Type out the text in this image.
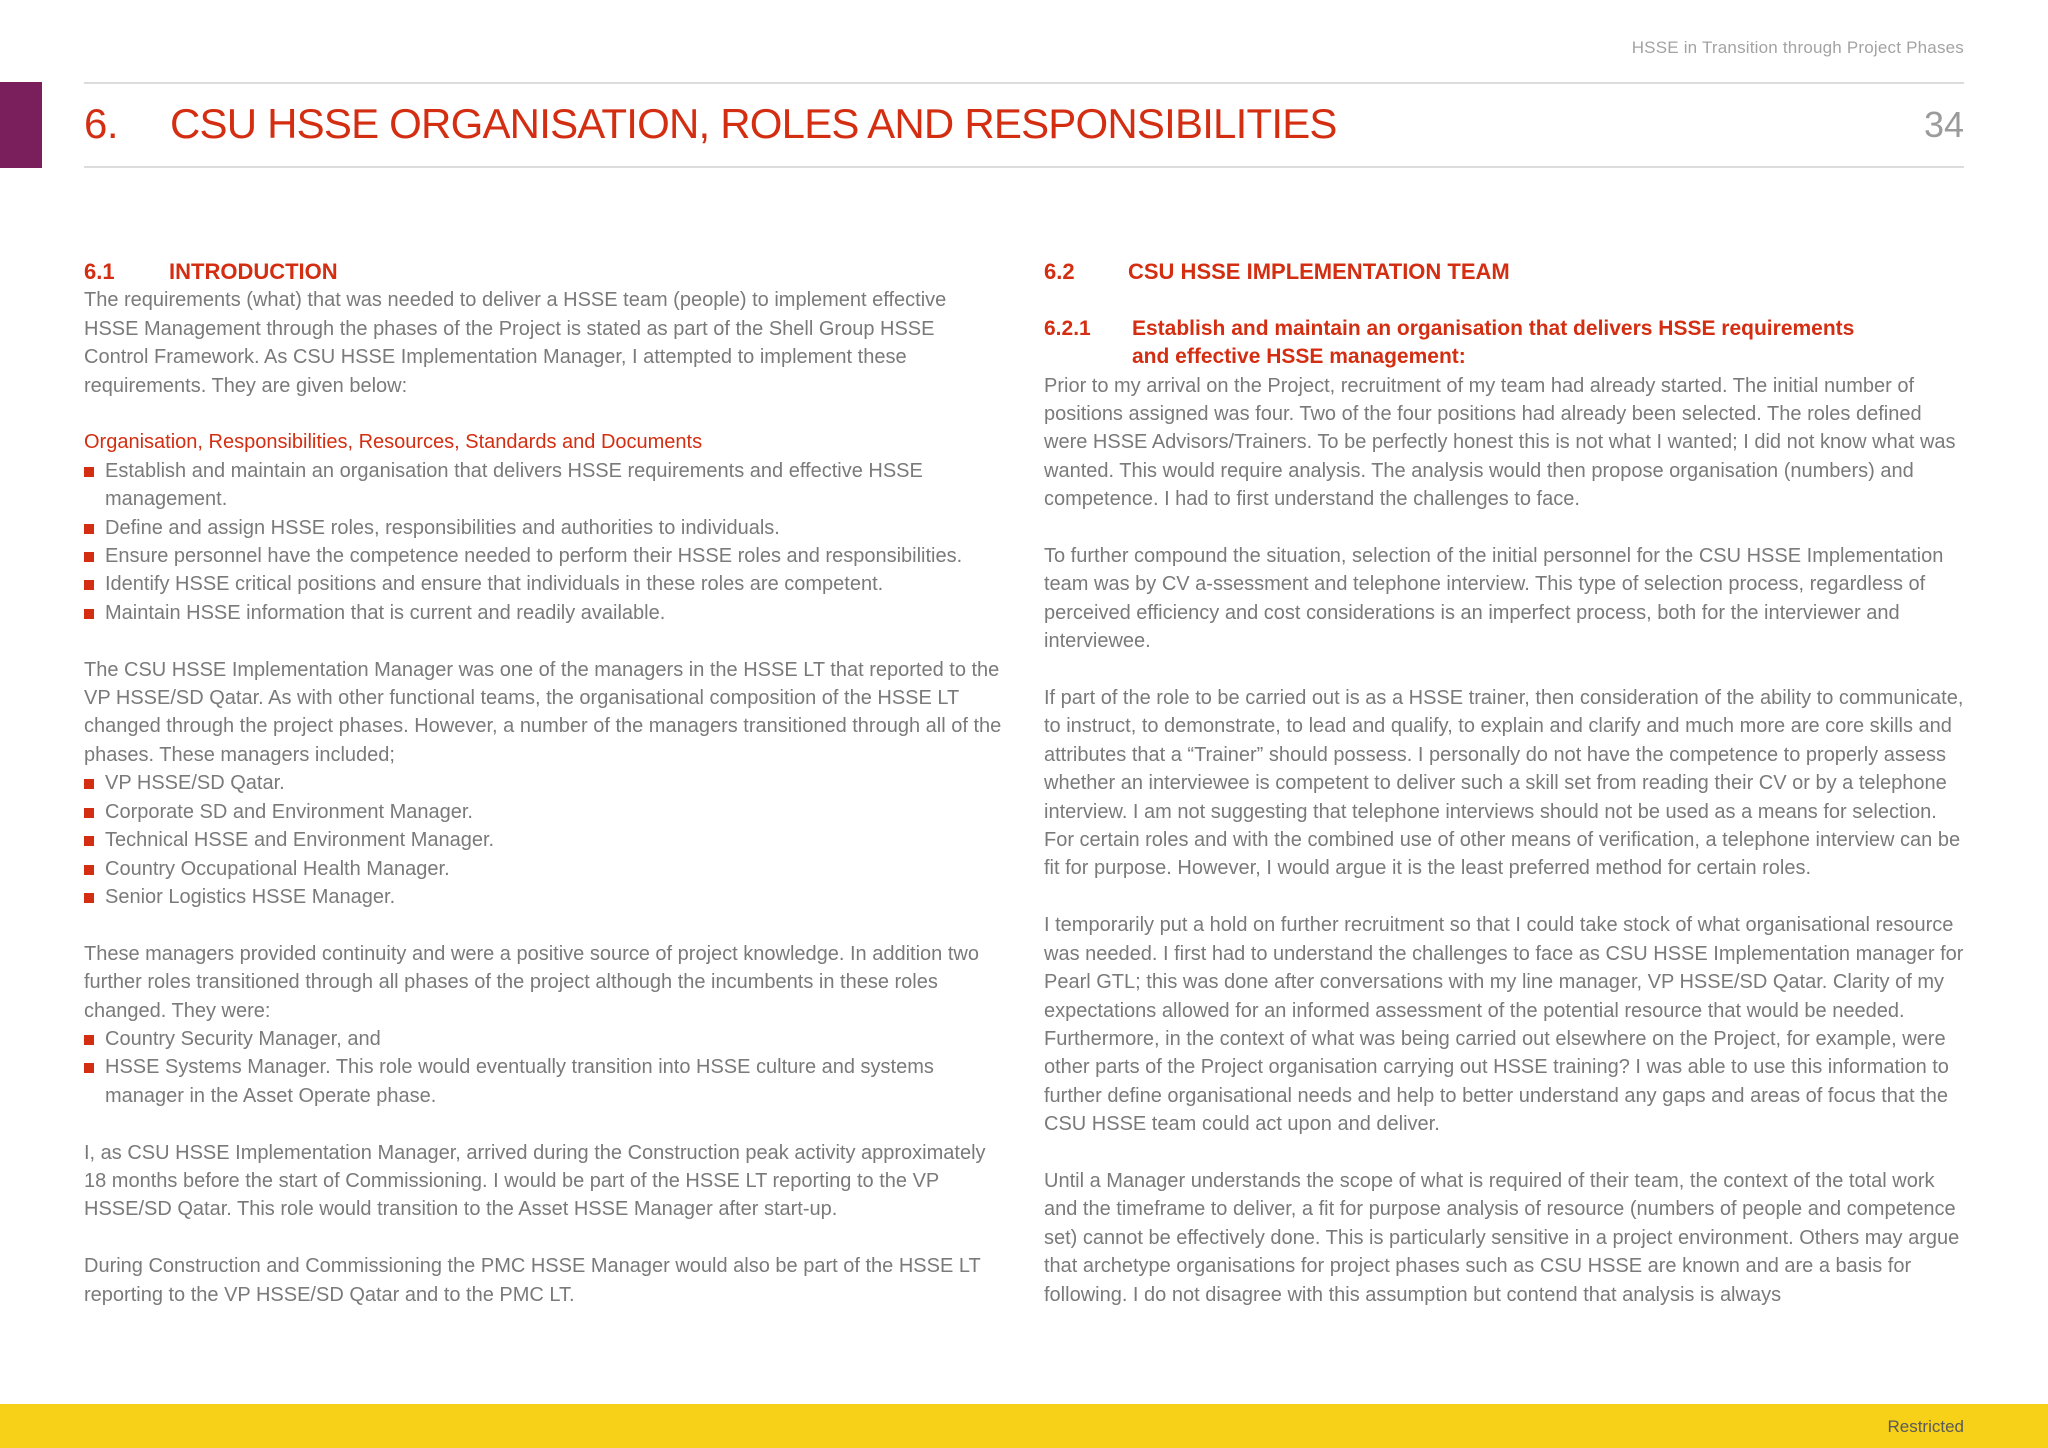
HSSE in Transition through Project Phases
6. CSU HSSE ORGANISATION, ROLES AND RESPONSIBILITIES	34
6.1	INTRODUCTION

The requirements (what) that was needed to deliver a HSSE team (people) to implement effective HSSE Management through the phases of the Project is stated as part of the Shell Group HSSE Control Framework. As CSU HSSE Implementation Manager, I attempted to implement these requirements. They are given below:

Organisation, Responsibilities, Resources, Standards and Documents
Establish and maintain an organisation that delivers HSSE requirements and effective HSSE management.
Define and assign HSSE roles, responsibilities and authorities to individuals.
Ensure personnel have the competence needed to perform their HSSE roles and responsibilities.
Identify HSSE critical positions and ensure that individuals in these roles are competent.
Maintain HSSE information that is current and readily available.

The CSU HSSE Implementation Manager was one of the managers in the HSSE LT that reported to the VP HSSE/SD Qatar. As with other functional teams, the organisational composition of the HSSE LT changed through the project phases. However, a number of the managers transitioned through all of the phases. These managers included;

VP HSSE/SD Qatar.
Corporate SD and Environment Manager.
Technical HSSE and Environment Manager.
Country Occupational Health Manager.
Senior Logistics HSSE Manager.

These managers provided continuity and were a positive source of project knowledge. In addition two further roles transitioned through all phases of the project although the incumbents in these roles changed. They were:

Country Security Manager, and
HSSE Systems Manager. This role would eventually transition into HSSE culture and systems manager in the Asset Operate phase.

I, as CSU HSSE Implementation Manager, arrived during the Construction peak activity approximately 18 months before the start of Commissioning. I would be part of the HSSE LT reporting to the VP HSSE/SD Qatar. This role would transition to the Asset HSSE Manager after start-up.

During Construction and Commissioning the PMC HSSE Manager would also be part of the HSSE LT reporting to the VP HSSE/SD Qatar and to the PMC LT.

6.2	CSU HSSE IMPLEMENTATION TEAM
6.2.1	Establish and maintain an organisation that delivers HSSE requirements and effective HSSE management:

Prior to my arrival on the Project, recruitment of my team had already started. The initial number of positions assigned was four. Two of the four positions had already been selected. The roles defined were HSSE Advisors/Trainers. To be perfectly honest this is not what I wanted; I did not know what was wanted. This would require analysis. The analysis would then propose organisation (numbers) and competence. I had to first understand the challenges to face.

To further compound the situation, selection of the initial personnel for the CSU HSSE Implementation team was by CV a-ssessment and telephone interview. This type of selection process, regardless of perceived efficiency and cost considerations is an imperfect process, both for the interviewer and interviewee.

If part of the role to be carried out is as a HSSE trainer, then consideration of the ability to communicate, to instruct, to demonstrate, to lead and qualify, to explain and clarify and much more are core skills and attributes that a “Trainer” should possess. I personally do not have the competence to properly assess whether an interviewee is competent to deliver such a skill set from reading their CV or by a telephone interview. I am not suggesting that telephone interviews should not be used as a means for selection. For certain roles and with the combined use of other means of verification, a telephone interview can be fit for purpose. However, I would argue it is the least preferred method for certain roles.

I temporarily put a hold on further recruitment so that I could take stock of what organisational resource was needed. I first had to understand the challenges to face as CSU HSSE Implementation manager for Pearl GTL; this was done after conversations with my line manager, VP HSSE/SD Qatar. Clarity of my expectations allowed for an informed assessment of the potential resource that would be needed. Furthermore, in the context of what was being carried out elsewhere on the Project, for example, were other parts of the Project organisation carrying out HSSE training? I was able to use this information to further define organisational needs and help to better understand any gaps and areas of focus that the CSU HSSE team could act upon and deliver.

Until a Manager understands the scope of what is required of their team, the context of the total work and the timeframe to deliver, a fit for purpose analysis of resource (numbers of people and competence set) cannot be effectively done. This is particularly sensitive in a project environment. Others may argue that archetype organisations for project phases such as CSU HSSE are known and are a basis for following. I do not disagree with this assumption but contend that analysis is always

Restricted
